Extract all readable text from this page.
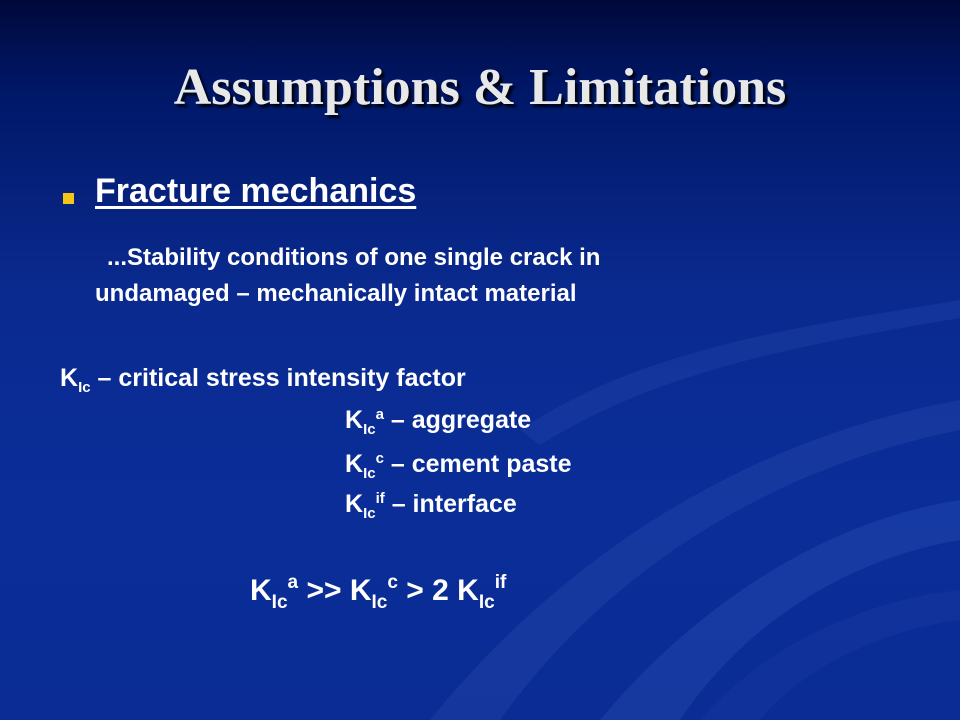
Assumptions & Limitations
Fracture mechanics
...Stability conditions of one single crack in
undamaged – mechanically intact material
$K_{Ic}$ – critical stress intensity factor
$K_{Ic}^a$ – aggregate
$K_{Ic}^c$ – cement paste
$K_{Ic}^{if}$ – interface
$K_{Ic}^a >> K_{Ic}^c > 2$ $K_{Ic}^{if}$
